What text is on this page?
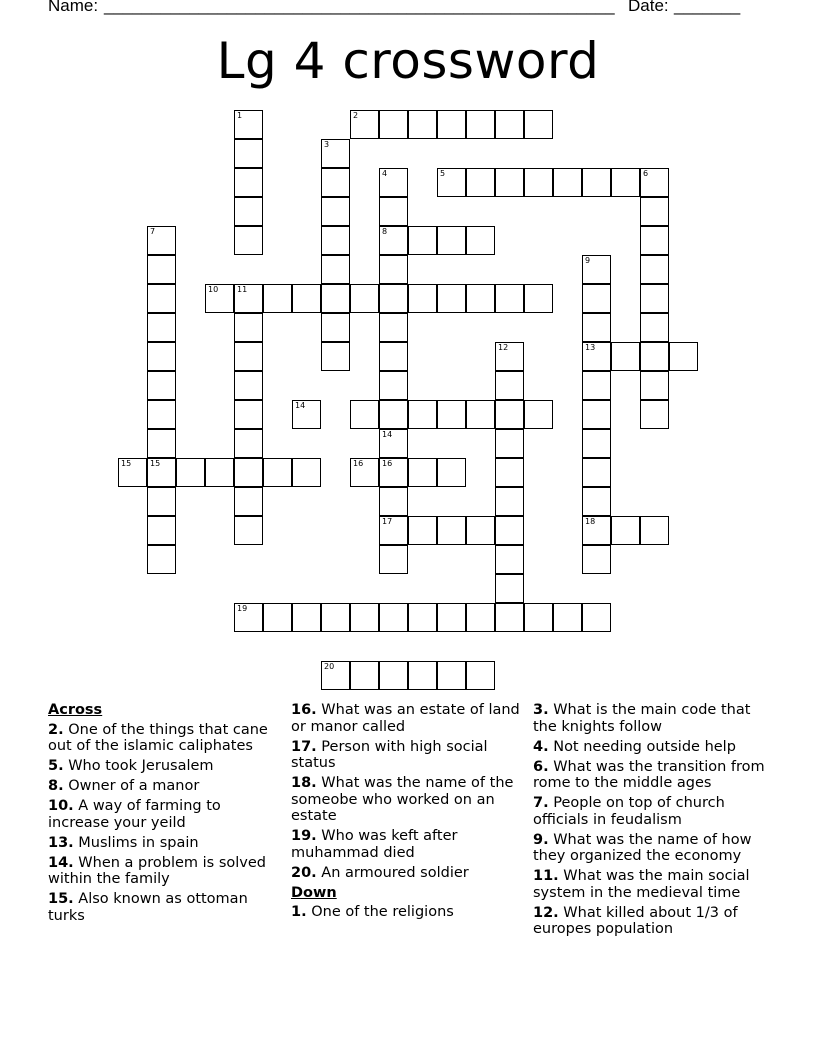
Name: ______________________________________________________ Date: _______
Lg 4 crossword
1	2
3
4
8
14
16
17
5	6
7
15
9
13
18
10 11
12
14
15	16
19
20
Across
2. One of the things that cane out of the islamic caliphates
5. Who took Jerusalem
8. Owner of a manor
10. A way of farming to increase your yeild
13. Muslims in spain
14. When a problem is solved within the family
15. Also known as ottoman turks
16. What was an estate of land or manor called
17. Person with high social status
18. What was the name of the someobe who worked on an estate
19. Who was keft after muhammad died
20. An armoured soldier
Down
1. One of the religions
3. What is the main code that the knights follow
4. Not needing outside help
6. What was the transition from rome to the middle ages
7. People on top of church officials in feudalism
9. What was the name of how they organized the economy
11. What was the main social system in the medieval time
12. What killed about 1/3 of europes population
